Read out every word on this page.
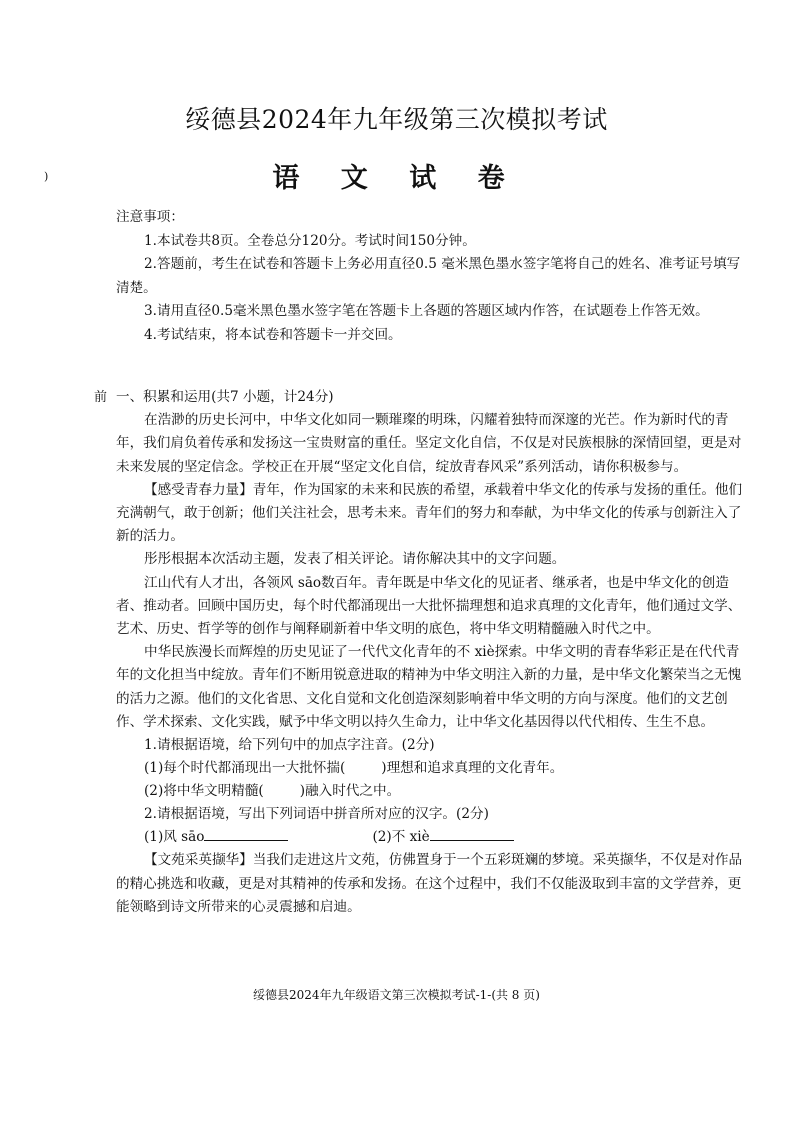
绥德县2024年九年级第三次模拟考试
)	语 文 试 卷

注意事项：

1.本试卷共8页。全卷总分120分。考试时间150分钟。

2.答题前，考生在试卷和答题卡上务必用直径0.5 毫米黑色墨水签字笔将自己的姓名、准考证号填写清楚。

3.请用直径0.5毫米黑色墨水签字笔在答题卡上各题的答题区域内作答，在试题卷上作答无效。

4.考试结束，将本试卷和答题卡一并交回。

前 一、积累和运用(共7 小题，计24分)

在浩渺的历史长河中，中华文化如同一颗璀璨的明珠，闪耀着独特而深邃的光芒。作为新时代的青年，我们肩负着传承和发扬这一宝贵财富的重任。坚定文化自信，不仅是对民族根脉的深情回望，更是对未来发展的坚定信念。学校正在开展“坚定文化自信，绽放青春风采”系列活动，请你积极参与。

【感受青春力量】青年，作为国家的未来和民族的希望，承载着中华文化的传承与发扬的重任。他们充满朝气，敢于创新；他们关注社会，思考未来。青年们的努力和奉献，为中华文化的传承与创新注入了新的活力。

彤彤根据本次活动主题，发表了相关评论。请你解决其中的文字问题。

江山代有人才出，各领风 sāo数百年。青年既是中华文化的见证者、继承者，也是中华文化的创造者、推动者。回顾中国历史，每个时代都涌现出一大批怀揣理想和追求真理的文化青年，他们通过文学、艺术、历史、哲学等的创作与阐释刷新着中华文明的底色，将中华文明精髓融入时代之中。

中华民族漫长而辉煌的历史见证了一代代文化青年的不 xiè探索。中华文明的青春华彩正是在代代青年的文化担当中绽放。青年们不断用锐意进取的精神为中华文明注入新的力量，是中华文化繁荣当之无愧的活力之源。他们的文化省思、文化自觉和文化创造深刻影响着中华文明的方向与深度。他们的文艺创作、学术探索、文化实践，赋予中华文明以持久生命力，让中华文化基因得以代代相传、生生不息。

1.请根据语境，给下列句中的加点字注音。(2分)

(1)每个时代都涌现出一大批怀揣(	)理想和追求真理的文化青年。

(2)将中华文明精髓(	)融入时代之中。

2.请根据语境，写出下列词语中拼音所对应的汉字。(2分)

(1)风 sāo	(2)不 xiè

【文苑采英撷华】当我们走进这片文苑，仿佛置身于一个五彩斑斓的梦境。采英撷华，不仅是对作品的精心挑选和收藏，更是对其精神的传承和发扬。在这个过程中，我们不仅能汲取到丰富的文学营养，更能领略到诗文所带来的心灵震撼和启迪。

绥德县2024年九年级语文第三次模拟考试-1-(共 8 页)
